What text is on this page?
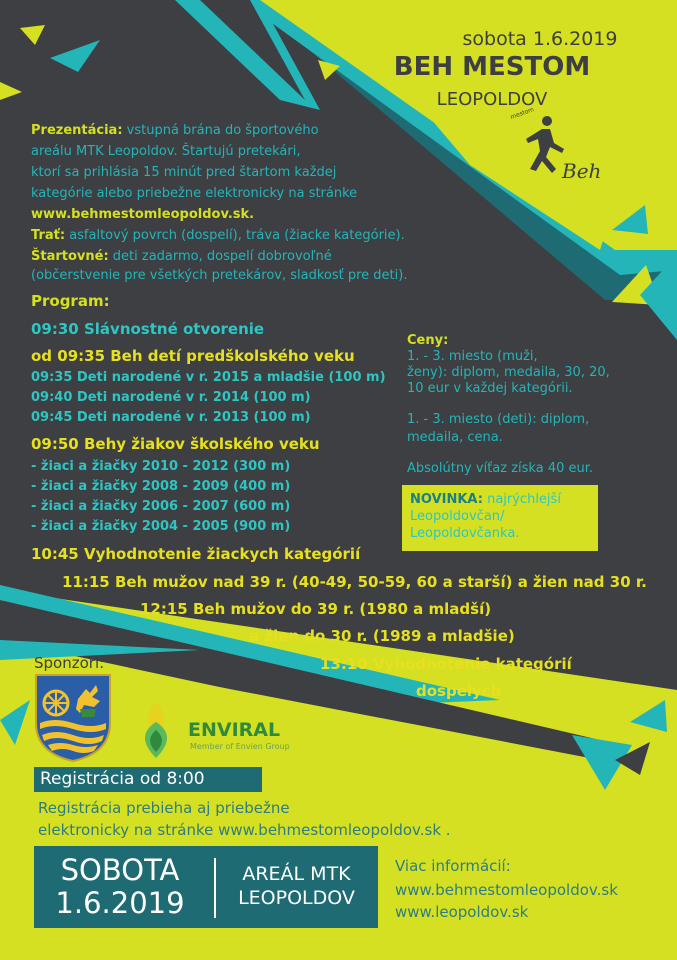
sobota 1.6.2019
BEH MESTOM
LEOPOLDOV
Beh
mestom
Prezentácia: vstupná brána do športového
areálu MTK Leopoldov. Štartujú pretekári,
ktorí sa prihlásia 15 minút pred štartom každej
kategórie alebo priebežne elektronicky na stránke
www.behmestomleopoldov.sk.
Trať: asfaltový povrch (dospelí), tráva (žiacke kategórie).
Štartovné: deti zadarmo, dospelí dobrovoľné
(občerstvenie pre všetkých pretekárov, sladkosť pre deti).
Program:
09:30 Slávnostné otvorenie
od 09:35 Beh detí predškolského veku
09:35 Deti narodené v r. 2015 a mladšie (100 m)
09:40 Deti narodené v r. 2014 (100 m)
09:45 Deti narodené v r. 2013 (100 m)
09:50 Behy žiakov školského veku
- žiaci a žiačky 2010 - 2012 (300 m)
- žiaci a žiačky 2008 - 2009 (400 m)
- žiaci a žiačky 2006 - 2007 (600 m)
- žiaci a žiačky 2004 - 2005 (900 m)
10:45 Vyhodnotenie žiackych kategórií
11:15 Beh mužov nad 39 r. (40-49, 50-59, 60 a starší) a žien nad 30 r.
12:15 Beh mužov do 39 r. (1980 a mladší)
a žien do 30 r. (1989 a mladšie)
13:10 Vyhodnotenie kategórií
dospelých
Ceny:
1. - 3. miesto (muži,
ženy): diplom, medaila, 30, 20,
10 eur v každej kategórii.
1. - 3. miesto (deti): diplom,
medaila, cena.
Absolútny víťaz získa 40 eur.
NOVINKA: najrýchlejší
Leopoldovčan/
Leopoldovčanka.
Sponzori:
ENVIRAL
Member of Envien Group
Registrácia od 8:00
Registrácia prebieha aj priebežne
elektronicky na stránke www.behmestomleopoldov.sk .
SOBOTA
1.6.2019
AREÁL MTK
LEOPOLDOV
Viac informácií:
www.behmestomleopoldov.sk
www.leopoldov.sk
